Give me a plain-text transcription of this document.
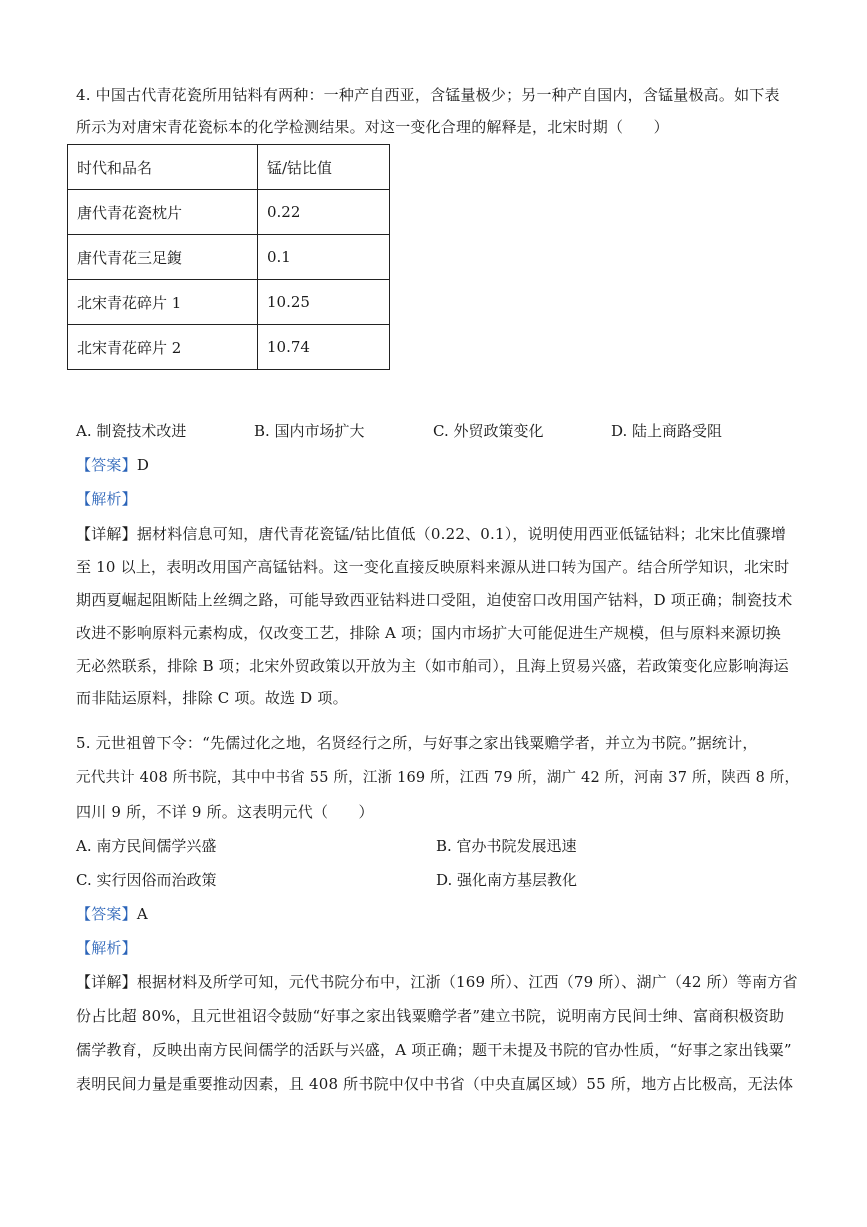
4. 中国古代青花瓷所用钴料有两种：一种产自西亚，含锰量极少；另一种产自国内，含锰量极高。如下表
所示为对唐宋青花瓷标本的化学检测结果。对这一变化合理的解释是，北宋时期（　　）
时代和品名	锰/钴比值
唐代青花瓷枕片	0.22
唐代青花三足鍑	0.1
北宋青花碎片 1	10.25
北宋青花碎片 2	10.74
A. 制瓷技术改进	B. 国内市场扩大	C. 外贸政策变化	D. 陆上商路受阻
【答案】D
【解析】
【详解】据材料信息可知，唐代青花瓷锰/钴比值低（0.22、0.1），说明使用西亚低锰钴料；北宋比值骤增
至 10 以上，表明改用国产高锰钴料。这一变化直接反映原料来源从进口转为国产。结合所学知识，北宋时
期西夏崛起阻断陆上丝绸之路，可能导致西亚钴料进口受阻，迫使窑口改用国产钴料，D 项正确；制瓷技术
改进不影响原料元素构成，仅改变工艺，排除 A 项；国内市场扩大可能促进生产规模，但与原料来源切换
无必然联系，排除 B 项；北宋外贸政策以开放为主（如市舶司），且海上贸易兴盛，若政策变化应影响海运
而非陆运原料，排除 C 项。故选 D 项。
5. 元世祖曾下令：“先儒过化之地，名贤经行之所，与好事之家出钱粟赡学者，并立为书院。”据统计，
元代共计 408 所书院，其中中书省 55 所，江浙 169 所，江西 79 所，湖广 42 所，河南 37 所，陕西 8 所，
四川 9 所，不详 9 所。这表明元代（　　）
A. 南方民间儒学兴盛	B. 官办书院发展迅速
C. 实行因俗而治政策	D. 强化南方基层教化
【答案】A
【解析】
【详解】根据材料及所学可知，元代书院分布中，江浙（169 所）、江西（79 所）、湖广（42 所）等南方省
份占比超 80%，且元世祖诏令鼓励“好事之家出钱粟赡学者”建立书院，说明南方民间士绅、富商积极资助
儒学教育，反映出南方民间儒学的活跃与兴盛，A 项正确；题干未提及书院的官办性质，“好事之家出钱粟”
表明民间力量是重要推动因素，且 408 所书院中仅中书省（中央直属区域）55 所，地方占比极高，无法体
